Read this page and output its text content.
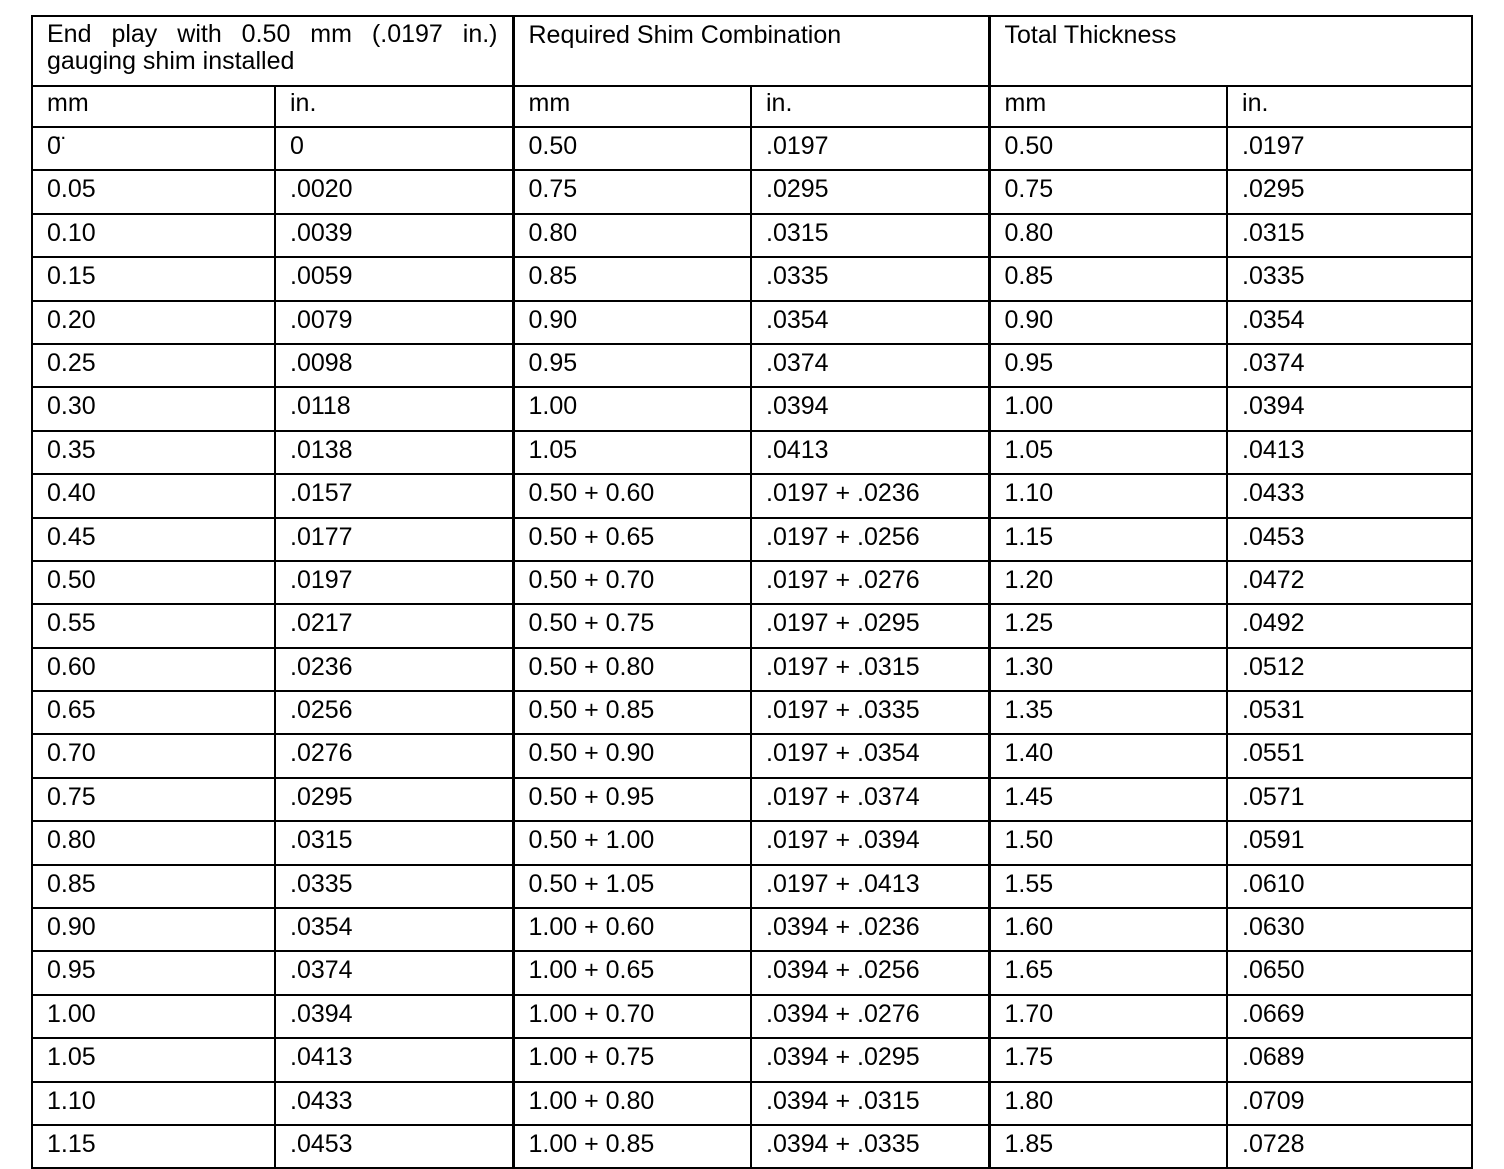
End play with 0.50 mm (.0197 in.)
gauging shim installed		Required Shim Combination		Total Thickness	
mm	in.	mm	in.	mm	in.
0̈	0	0.50	.0197	0.50	.0197
0.05	.0020	0.75	.0295	0.75	.0295
0.10	.0039	0.80	.0315	0.80	.0315
0.15	.0059	0.85	.0335	0.85	.0335
0.20	.0079	0.90	.0354	0.90	.0354
0.25	.0098	0.95	.0374	0.95	.0374
0.30	.0118	1.00	.0394	1.00	.0394
0.35	.0138	1.05	.0413	1.05	.0413
0.40	.0157	0.50 + 0.60	.0197 + .0236	1.10	.0433
0.45	.0177	0.50 + 0.65	.0197 + .0256	1.15	.0453
0.50	.0197	0.50 + 0.70	.0197 + .0276	1.20	.0472
0.55	.0217	0.50 + 0.75	.0197 + .0295	1.25	.0492
0.60	.0236	0.50 + 0.80	.0197 + .0315	1.30	.0512
0.65	.0256	0.50 + 0.85	.0197 + .0335	1.35	.0531
0.70	.0276	0.50 + 0.90	.0197 + .0354	1.40	.0551
0.75	.0295	0.50 + 0.95	.0197 + .0374	1.45	.0571
0.80	.0315	0.50 + 1.00	.0197 + .0394	1.50	.0591
0.85	.0335	0.50 + 1.05	.0197 + .0413	1.55	.0610
0.90	.0354	1.00 + 0.60	.0394 + .0236	1.60	.0630
0.95	.0374	1.00 + 0.65	.0394 + .0256	1.65	.0650
1.00	.0394	1.00 + 0.70	.0394 + .0276	1.70	.0669
1.05	.0413	1.00 + 0.75	.0394 + .0295	1.75	.0689
1.10	.0433	1.00 + 0.80	.0394 + .0315	1.80	.0709
1.15	.0453	1.00 + 0.85	.0394 + .0335	1.85	.0728
